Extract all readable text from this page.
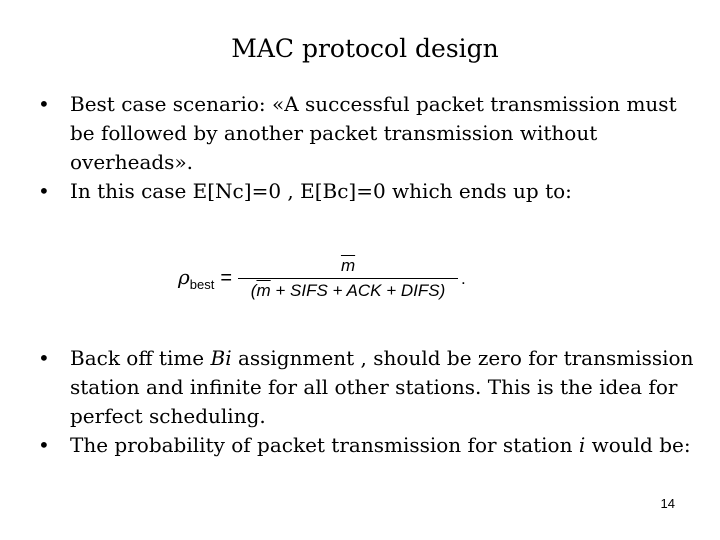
MAC protocol design
•	Best case scenario: «A successful packet transmission must be followed by another packet transmission without overheads».
•	In this case E[Nc]=0 , E[Bc]=0 which ends up to:
$\rho_{best} = \frac{\overline{m}}{(\overline{m} + SIFS + ACK + DIFS)}$ .
•	Back off time Bi assignment , should be zero for transmission station and infinite for all other stations. This is the idea for perfect scheduling.
•	The probability of packet transmission for station i would be:
14
